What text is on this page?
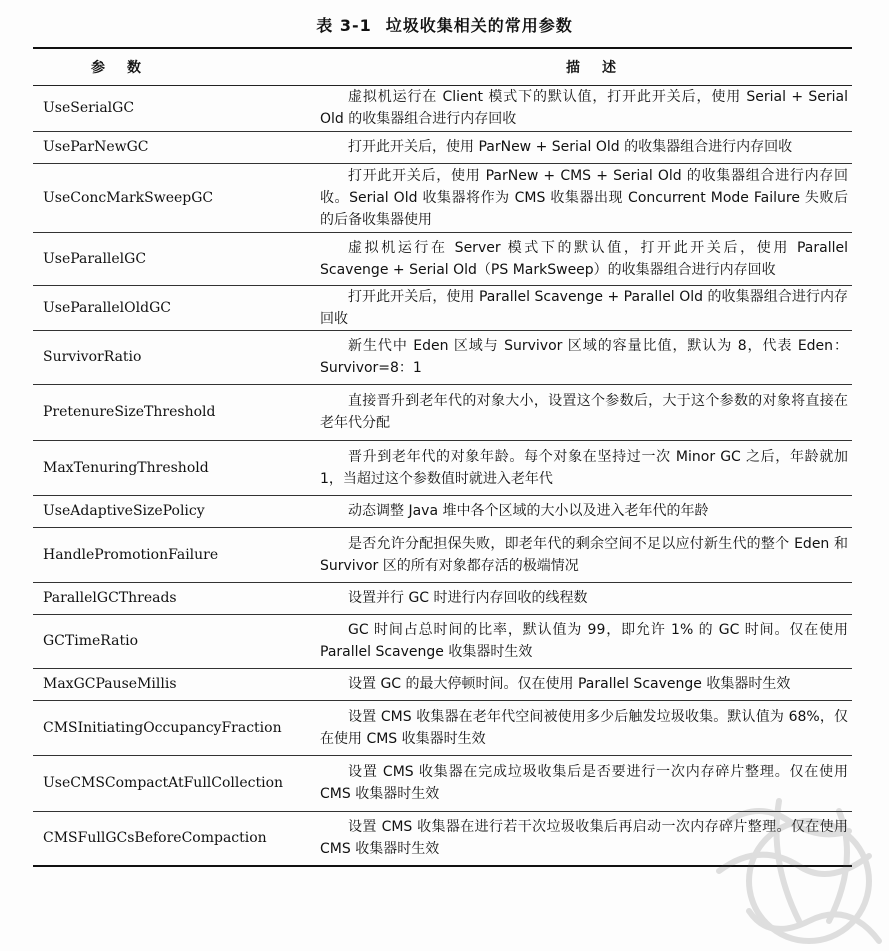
表 3-1 垃圾收集相关的常用参数
参数	描述
UseSerialGC	虚拟机运行在 Client 模式下的默认值，打开此开关后，使用 Serial + Serial Old 的收集器组合进行内存回收

UseParNewGC	打开此开关后，使用 ParNew + Serial Old 的收集器组合进行内存回收

UseConcMarkSweepGC	打开此开关后，使用 ParNew + CMS + Serial Old 的收集器组合进行内存回收。Serial Old 收集器将作为 CMS 收集器出现 Concurrent Mode Failure 失败后的后备收集器使用

UseParallelGC	虚拟机运行在 Server 模式下的默认值，打开此开关后，使用 Parallel Scavenge + Serial Old（PS MarkSweep）的收集器组合进行内存回收

UseParallelOldGC	打开此开关后，使用 Parallel Scavenge + Parallel Old 的收集器组合进行内存回收

SurvivorRatio	新生代中 Eden 区域与 Survivor 区域的容量比值，默认为 8，代表 Eden：Survivor=8：1

PretenureSizeThreshold	直接晋升到老年代的对象大小，设置这个参数后，大于这个参数的对象将直接在老年代分配

MaxTenuringThreshold	晋升到老年代的对象年龄。每个对象在坚持过一次 Minor GC 之后，年龄就加 1，当超过这个参数值时就进入老年代

UseAdaptiveSizePolicy	动态调整 Java 堆中各个区域的大小以及进入老年代的年龄

HandlePromotionFailure	是否允许分配担保失败，即老年代的剩余空间不足以应付新生代的整个 Eden 和 Survivor 区的所有对象都存活的极端情况

ParallelGCThreads	设置并行 GC 时进行内存回收的线程数

GCTimeRatio	GC 时间占总时间的比率，默认值为 99，即允许 1% 的 GC 时间。仅在使用 Parallel Scavenge 收集器时生效

MaxGCPauseMillis	设置 GC 的最大停顿时间。仅在使用 Parallel Scavenge 收集器时生效

CMSInitiatingOccupancyFraction	设置 CMS 收集器在老年代空间被使用多少后触发垃圾收集。默认值为 68%，仅在使用 CMS 收集器时生效

UseCMSCompactAtFullCollection	设置 CMS 收集器在完成垃圾收集后是否要进行一次内存碎片整理。仅在使用 CMS 收集器时生效

CMSFullGCsBeforeCompaction	设置 CMS 收集器在进行若干次垃圾收集后再启动一次内存碎片整理。仅在使用 CMS 收集器时生效
